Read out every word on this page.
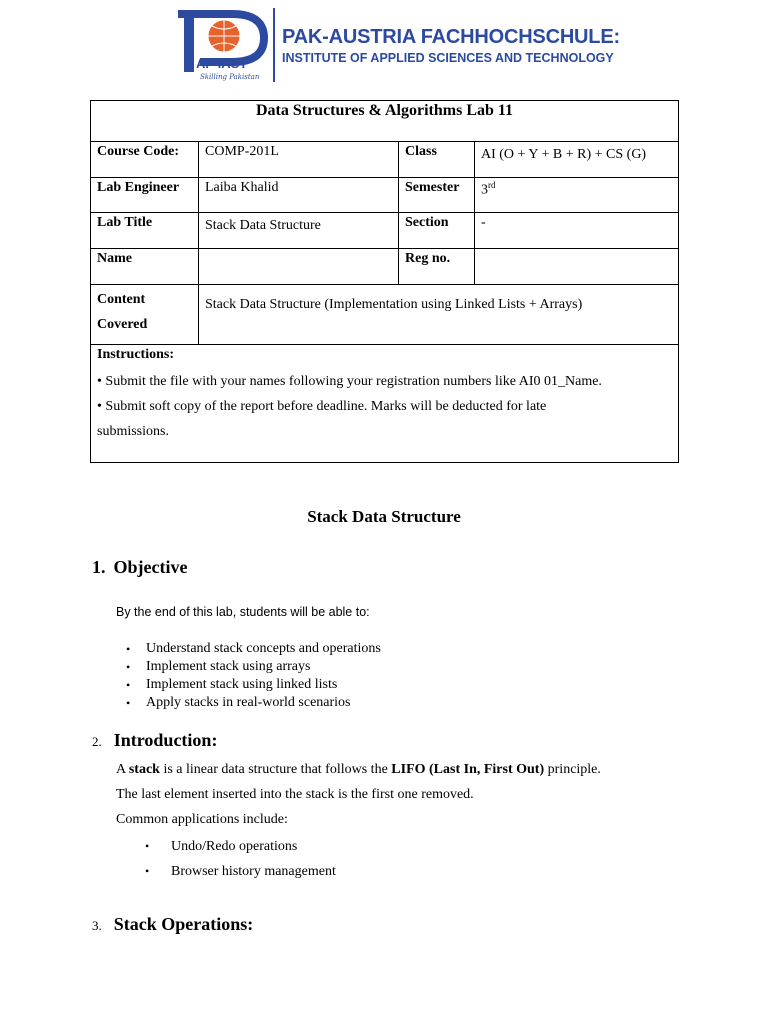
AF-IAST
Skilling Pakistan
PAK-AUSTRIA FACHHOCHSCHULE:
INSTITUTE OF APPLIED SCIENCES AND TECHNOLOGY
Data Structures & Algorithms Lab 11			
Course Code:	COMP-201L	Class	AI (O + Y + B + R) + CS (G)
Lab Engineer	Laiba Khalid	Semester	3rd
Lab Title	Stack Data Structure	Section	-
Name		Reg no.	
Content
Covered	Stack Data Structure (Implementation using Linked Lists + Arrays)		

Instructions:
• Submit the file with your names following your registration numbers like AI0 01_Name.
• Submit soft copy of the report before deadline. Marks will be deducted for late
submissions.			
Stack Data Structure
1. Objective
By the end of this lab, students will be able to:
• Understand stack concepts and operations
• Implement stack using arrays
• Implement stack using linked lists
• Apply stacks in real-world scenarios
2. Introduction:
A stack is a linear data structure that follows the LIFO (Last In, First Out) principle.
The last element inserted into the stack is the first one removed.
Common applications include:
• Undo/Redo operations
• Browser history management
3. Stack Operations:
